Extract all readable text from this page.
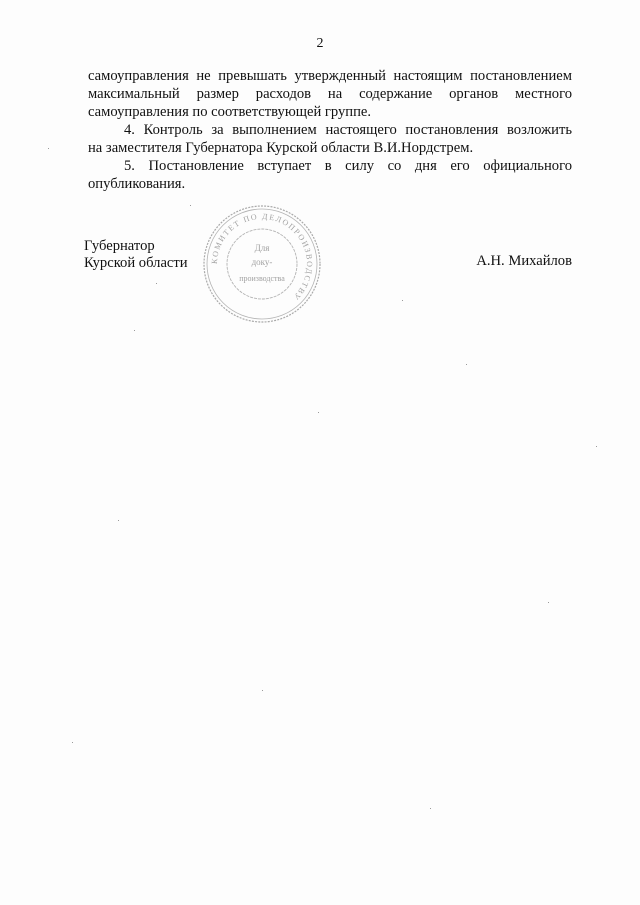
2
самоуправления не превышать утвержденный настоящим постановлением
максимальный размер расходов на содержание органов местного
самоуправления по соответствующей группе.
4. Контроль за выполнением настоящего постановления возложить
на заместителя Губернатора Курской области В.И.Нордстрем.
5. Постановление вступает в силу со дня его официального
опубликования.
Губернатор
Курской области	А.Н. Михайлов
КОМИТЕТ ПО ДЕЛОПРОИЗВОДСТВУ
Для
доку-
производства
